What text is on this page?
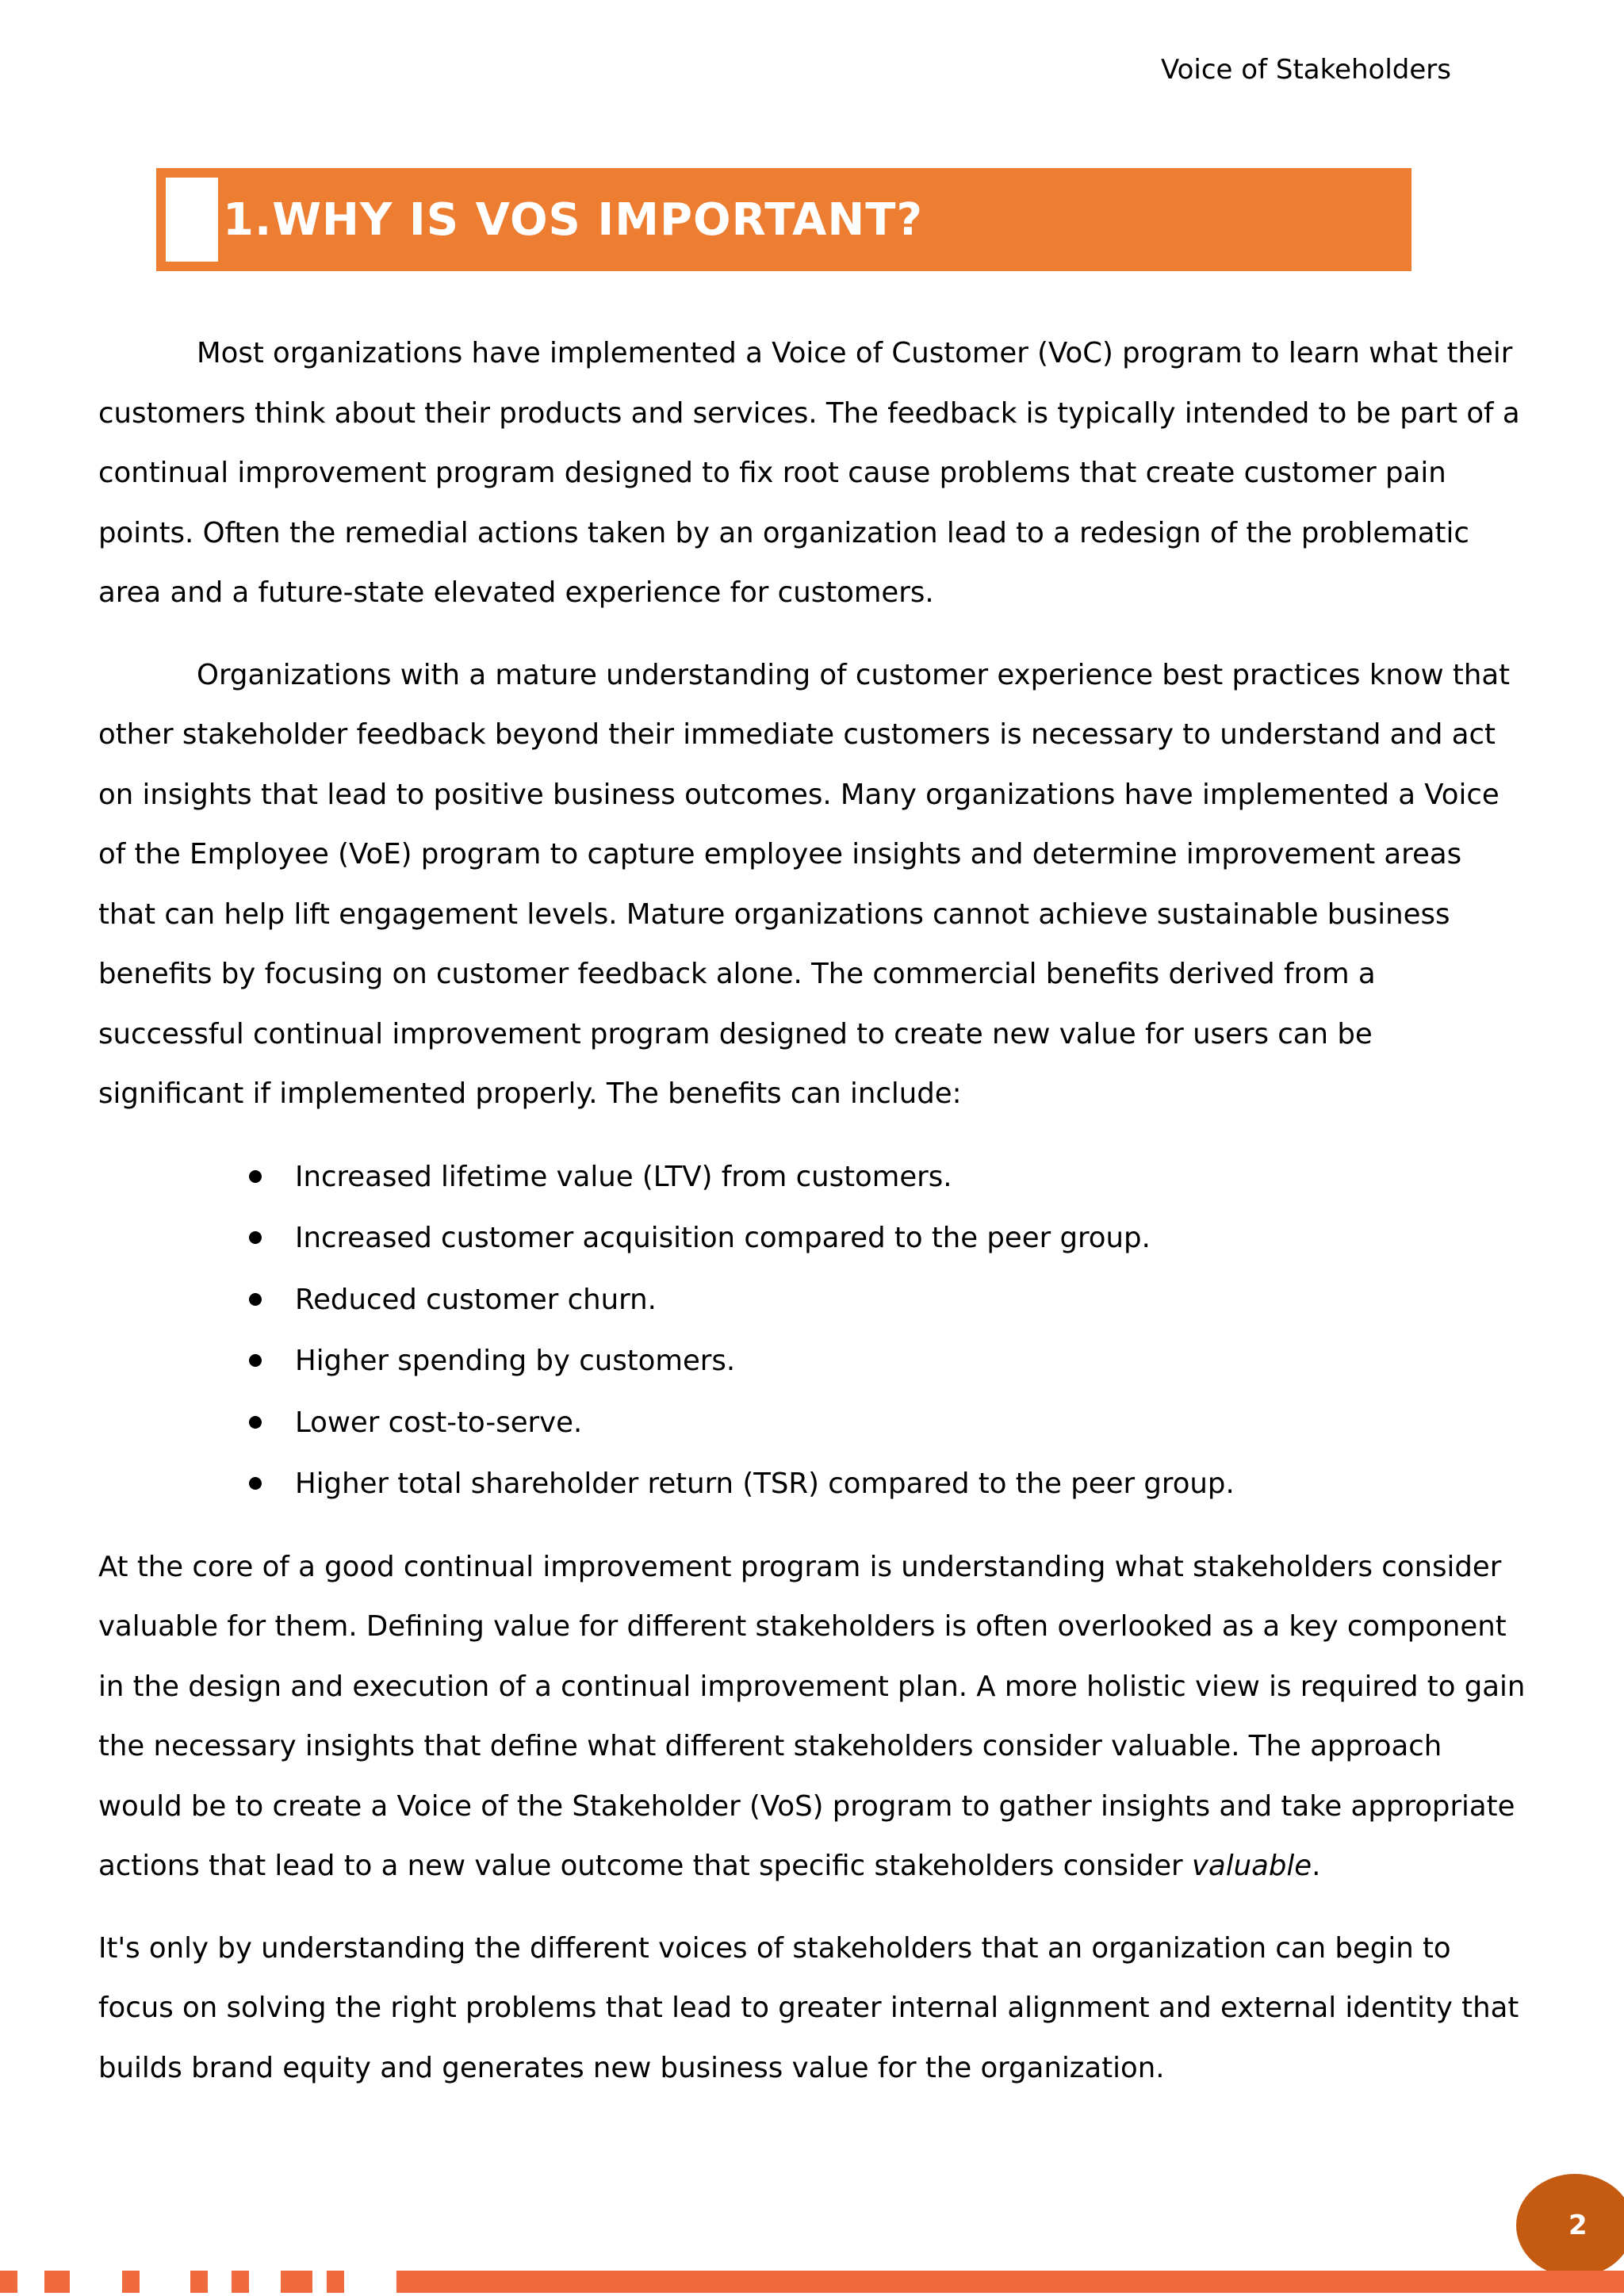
Voice of Stakeholders
1.WHY IS VOS IMPORTANT?

Most organizations have implemented a Voice of Customer (VoC) program to learn what their customers think about their products and services. The feedback is typically intended to be part of a continual improvement program designed to fix root cause problems that create customer pain points. Often the remedial actions taken by an organization lead to a redesign of the problematic area and a future-state elevated experience for customers.

Organizations with a mature understanding of customer experience best practices know that other stakeholder feedback beyond their immediate customers is necessary to understand and act on insights that lead to positive business outcomes. Many organizations have implemented a Voice of the Employee (VoE) program to capture employee insights and determine improvement areas that can help lift engagement levels. Mature organizations cannot achieve sustainable business benefits by focusing on customer feedback alone. The commercial benefits derived from a successful continual improvement program designed to create new value for users can be significant if implemented properly. The benefits can include:

Increased lifetime value (LTV) from customers.
Increased customer acquisition compared to the peer group.
Reduced customer churn.
Higher spending by customers.
Lower cost-to-serve.
Higher total shareholder return (TSR) compared to the peer group.

At the core of a good continual improvement program is understanding what stakeholders consider valuable for them. Defining value for different stakeholders is often overlooked as a key component in the design and execution of a continual improvement plan. A more holistic view is required to gain the necessary insights that define what different stakeholders consider valuable. The approach would be to create a Voice of the Stakeholder (VoS) program to gather insights and take appropriate actions that lead to a new value outcome that specific stakeholders consider valuable.

It's only by understanding the different voices of stakeholders that an organization can begin to focus on solving the right problems that lead to greater internal alignment and external identity that builds brand equity and generates new business value for the organization.

2
